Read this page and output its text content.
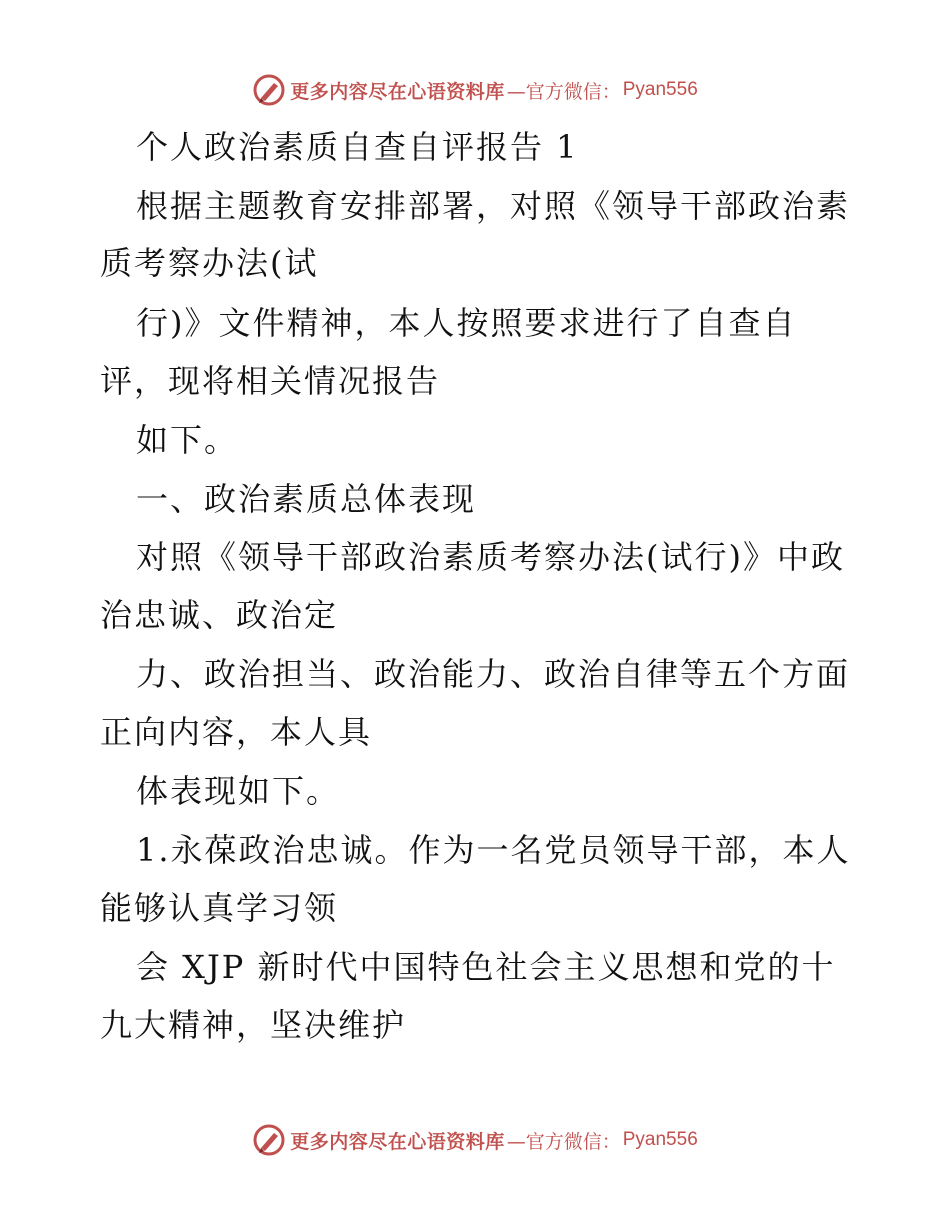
更多内容尽在心语资料库 —官方微信： Pyan556
个人政治素质自查自评报告 1
根据主题教育安排部署，对照《领导干部政治素
质考察办法(试
行)》文件精神，本人按照要求进行了自查自
评，现将相关情况报告
如下。
一、政治素质总体表现
对照《领导干部政治素质考察办法(试行)》中政
治忠诚、政治定
力、政治担当、政治能力、政治自律等五个方面
正向内容，本人具
体表现如下。
1.永葆政治忠诚。作为一名党员领导干部，本人
能够认真学习领
会 XJP 新时代中国特色社会主义思想和党的十
九大精神，坚决维护
更多内容尽在心语资料库 —官方微信： Pyan556
